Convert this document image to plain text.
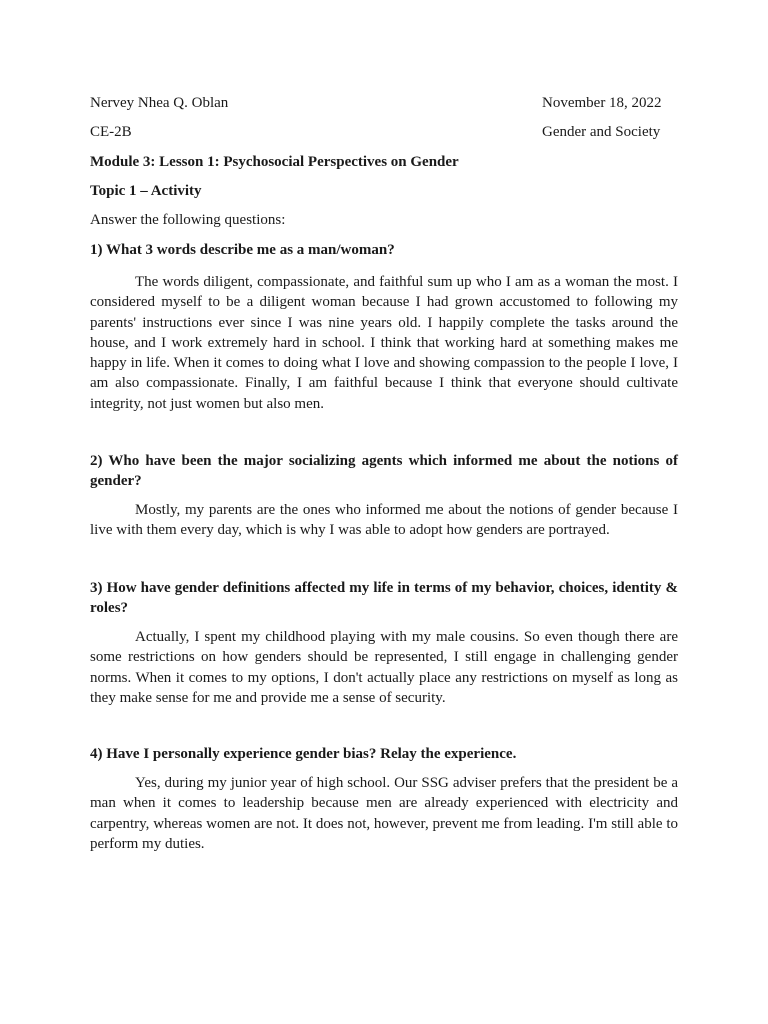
Nervey Nhea Q. Oblan	November 18, 2022
CE-2B	Gender and Society
Module 3: Lesson 1: Psychosocial Perspectives on Gender
Topic 1 – Activity
Answer the following questions:
1) What 3 words describe me as a man/woman?
The words diligent, compassionate, and faithful sum up who I am as a woman the most. I considered myself to be a diligent woman because I had grown accustomed to following my parents' instructions ever since I was nine years old. I happily complete the tasks around the house, and I work extremely hard in school. I think that working hard at something makes me happy in life. When it comes to doing what I love and showing compassion to the people I love, I am also compassionate. Finally, I am faithful because I think that everyone should cultivate integrity, not just women but also men.
2) Who have been the major socializing agents which informed me about the notions of gender?
Mostly, my parents are the ones who informed me about the notions of gender because I live with them every day, which is why I was able to adopt how genders are portrayed.
3) How have gender definitions affected my life in terms of my behavior, choices, identity & roles?
Actually, I spent my childhood playing with my male cousins. So even though there are some restrictions on how genders should be represented, I still engage in challenging gender norms. When it comes to my options, I don't actually place any restrictions on myself as long as they make sense for me and provide me a sense of security.
4) Have I personally experience gender bias? Relay the experience.
Yes, during my junior year of high school. Our SSG adviser prefers that the president be a man when it comes to leadership because men are already experienced with electricity and carpentry, whereas women are not. It does not, however, prevent me from leading. I'm still able to perform my duties.
